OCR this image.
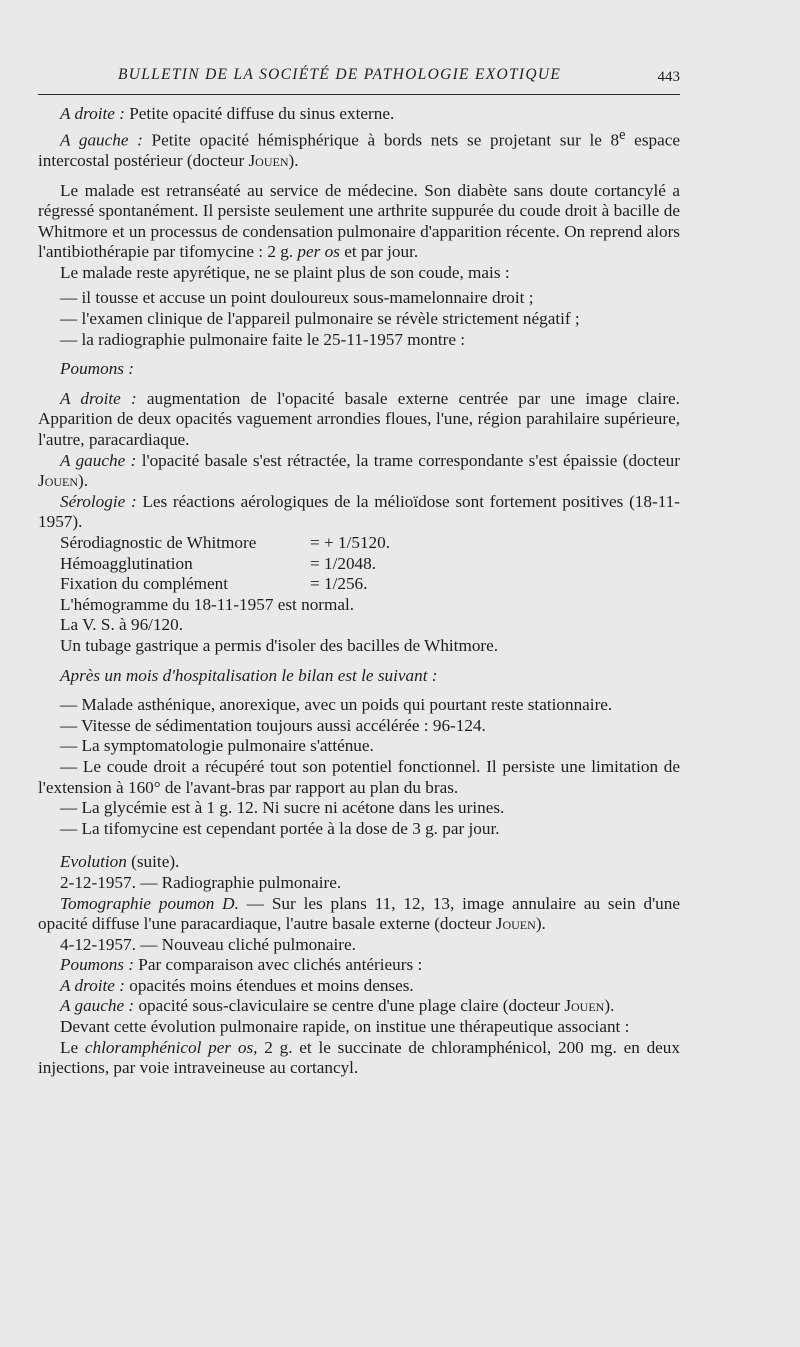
BULLETIN DE LA SOCIÉTÉ DE PATHOLOGIE EXOTIQUE	443

A droite : Petite opacité diffuse du sinus externe.

A gauche : Petite opacité hémisphérique à bords nets se projetant sur le 8e espace intercostal postérieur (docteur Jouen).

Le malade est retranséaté au service de médecine. Son diabète sans doute cortancylé a régressé spontanément. Il persiste seulement une arthrite suppurée du coude droit à bacille de Whitmore et un processus de condensation pulmonaire d'apparition récente. On reprend alors l'antibiothérapie par tifomycine : 2 g. per os et par jour.

Le malade reste apyrétique, ne se plaint plus de son coude, mais :

— il tousse et accuse un point douloureux sous-mamelonnaire droit ;

— l'examen clinique de l'appareil pulmonaire se révèle strictement négatif ;

— la radiographie pulmonaire faite le 25-11-1957 montre :

Poumons :

A droite : augmentation de l'opacité basale externe centrée par une image claire. Apparition de deux opacités vaguement arrondies floues, l'une, région parahilaire supérieure, l'autre, paracardiaque.

A gauche : l'opacité basale s'est rétractée, la trame correspondante s'est épaissie (docteur Jouen).

Sérologie : Les réactions aérologiques de la mélioïdose sont fortement positives (18-11-1957).

Sérodiagnostic de Whitmore	= + 1/5120.
Hémoagglutination	= 1/2048.
Fixation du complément	= 1/256.

L'hémogramme du 18-11-1957 est normal.

La V. S. à 96/120.

Un tubage gastrique a permis d'isoler des bacilles de Whitmore.

Après un mois d'hospitalisation le bilan est le suivant :

— Malade asthénique, anorexique, avec un poids qui pourtant reste stationnaire.

— Vitesse de sédimentation toujours aussi accélérée : 96-124.

— La symptomatologie pulmonaire s'atténue.

— Le coude droit a récupéré tout son potentiel fonctionnel. Il persiste une limitation de l'extension à 160° de l'avant-bras par rapport au plan du bras.

— La glycémie est à 1 g. 12. Ni sucre ni acétone dans les urines.

— La tifomycine est cependant portée à la dose de 3 g. par jour.

Evolution (suite).

2-12-1957. — Radiographie pulmonaire.

Tomographie poumon D. — Sur les plans 11, 12, 13, image annulaire au sein d'une opacité diffuse l'une paracardiaque, l'autre basale externe (docteur Jouen).

4-12-1957. — Nouveau cliché pulmonaire.

Poumons : Par comparaison avec clichés antérieurs :

A droite : opacités moins étendues et moins denses.

A gauche : opacité sous-claviculaire se centre d'une plage claire (docteur Jouen).

Devant cette évolution pulmonaire rapide, on institue une thérapeutique associant :

Le chloramphénicol per os, 2 g. et le succinate de chloramphénicol, 200 mg. en deux injections, par voie intraveineuse au cortancyl.
